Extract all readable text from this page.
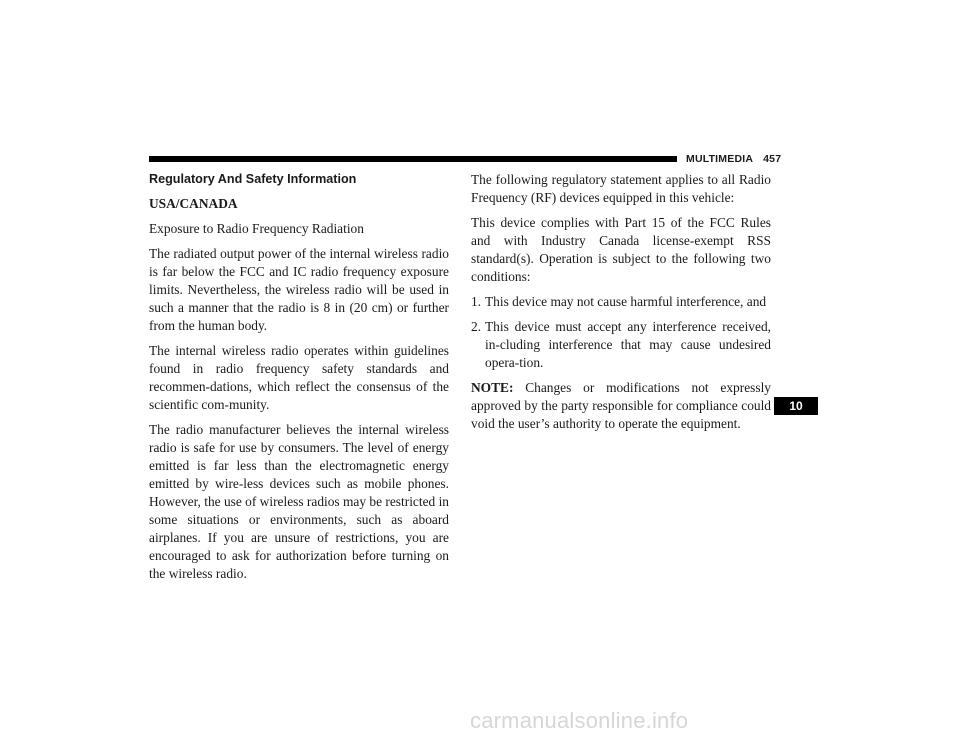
MULTIMEDIA 457
Regulatory And Safety Information

USA/CANADA

Exposure to Radio Frequency Radiation

The radiated output power of the internal wireless radio is far below the FCC and IC radio frequency exposure limits. Nevertheless, the wireless radio will be used in such a manner that the radio is 8 in (20 cm) or further from the human body.

The internal wireless radio operates within guidelines found in radio frequency safety standards and recommen-dations, which reflect the consensus of the scientific com-munity.

The radio manufacturer believes the internal wireless radio is safe for use by consumers. The level of energy emitted is far less than the electromagnetic energy emitted by wire-less devices such as mobile phones. However, the use of wireless radios may be restricted in some situations or environments, such as aboard airplanes. If you are unsure of restrictions, you are encouraged to ask for authorization before turning on the wireless radio.

The following regulatory statement applies to all Radio Frequency (RF) devices equipped in this vehicle:

This device complies with Part 15 of the FCC Rules and with Industry Canada license-exempt RSS standard(s). Operation is subject to the following two conditions:

1. This device may not cause harmful interference, and
2. This device must accept any interference received, in-cluding interference that may cause undesired opera-tion.

NOTE: Changes or modifications not expressly approved by the party responsible for compliance could void the user’s authority to operate the equipment.

10
carmanualsonline.info
